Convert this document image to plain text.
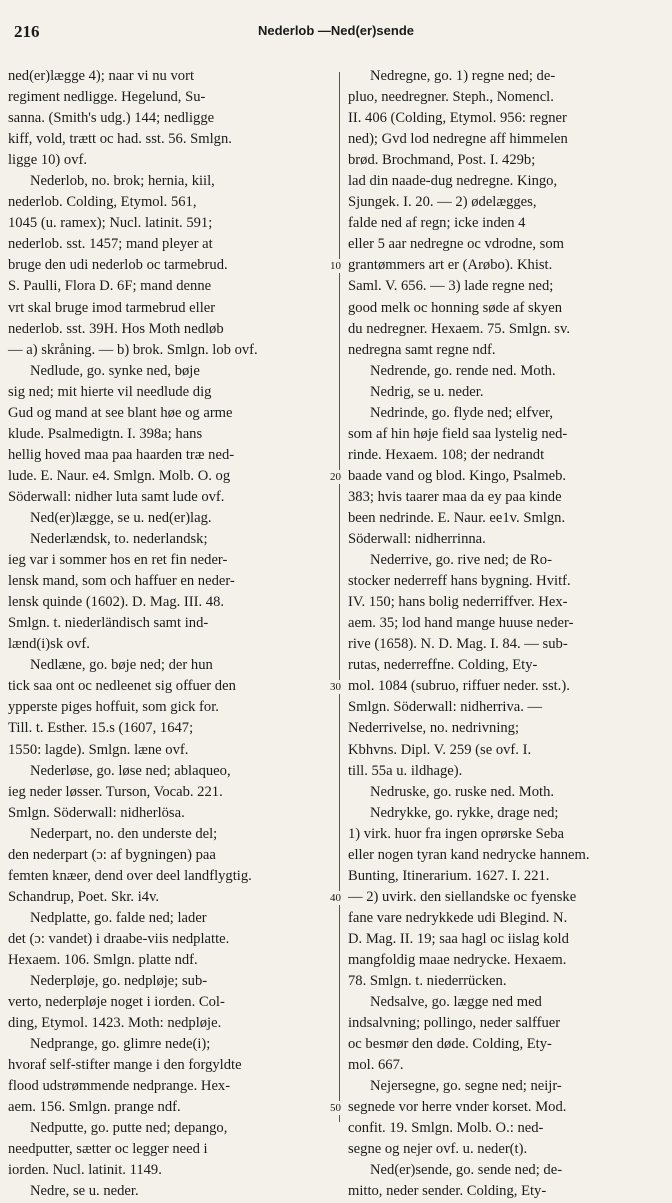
216	Nederlob —Ned(er)sende
10
20
30
40
50
ned(er)lægge 4); naar vi nu vort
regiment nedligge. Hegelund, Su-
sanna. (Smith's udg.) 144; nedligge
kiff, vold, trætt oc had. sst. 56. Smlgn.
ligge 10) ovf.
Nederlob, no. brok; hernia, kiil,
nederlob. Colding, Etymol. 561,
1045 (u. ramex); Nucl. latinit. 591;
nederlob. sst. 1457; mand pleyer at
bruge den udi nederlob oc tarmebrud.
S. Paulli, Flora D. 6F; mand denne
vrt skal bruge imod tarmebrud eller
nederlob. sst. 39H. Hos Moth nedløb
— a) skråning. — b) brok. Smlgn. lob ovf.
Nedlude, go. synke ned, bøje
sig ned; mit hierte vil needlude dig
Gud og mand at see blant høe og arme
klude. Psalmedigtn. I. 398a; hans
hellig hoved maa paa haarden træ ned-
lude. E. Naur. e4. Smlgn. Molb. O. og
Söderwall: nidher luta samt lude ovf.
Ned(er)lægge, se u. ned(er)lag.
Nederlændsk, to. nederlandsk;
ieg var i sommer hos en ret fin neder-
lensk mand, som och haffuer en neder-
lensk quinde (1602). D. Mag. III. 48.
Smlgn. t. niederländisch samt ind-
lænd(i)sk ovf.
Nedlæne, go. bøje ned; der hun
tick saa ont oc nedleenet sig offuer den
ypperste piges hoffuit, som gick for.
Till. t. Esther. 15.s (1607, 1647;
1550: lagde). Smlgn. læne ovf.
Nederløse, go. løse ned; ablaqueo,
ieg neder løsser. Turson, Vocab. 221.
Smlgn. Söderwall: nidherlösa.
Nederpart, no. den underste del;
den nederpart (ɔ: af bygningen) paa
femten knæer, dend over deel landflygtig.
Schandrup, Poet. Skr. i4v.
Nedplatte, go. falde ned; lader
det (ɔ: vandet) i draabe-viis nedplatte.
Hexaem. 106. Smlgn. platte ndf.
Nederpløje, go. nedpløje; sub-
verto, nederpløje noget i iorden. Col-
ding, Etymol. 1423. Moth: nedpløje.
Nedprange, go. glimre nede(i);
hvoraf self-stifter mange i den forgyldte
flood udstrømmende nedprange. Hex-
aem. 156. Smlgn. prange ndf.
Nedputte, go. putte ned; depango,
needputter, sætter oc legger need i
iorden. Nucl. latinit. 1149.
Nedre, se u. neder.
Nedregne, go. 1) regne ned; de-
pluo, needregner. Steph., Nomencl.
II. 406 (Colding, Etymol. 956: regner
ned); Gvd lod nedregne aff himmelen
brød. Brochmand, Post. I. 429b;
lad din naade-dug nedregne. Kingo,
Sjungek. I. 20. — 2) ødelægges,
falde ned af regn; icke inden 4
eller 5 aar nedregne oc vdrodne, som
grantømmers art er (Arøbo). Khist.
Saml. V. 656. — 3) lade regne ned;
good melk oc honning søde af skyen
du nedregner. Hexaem. 75. Smlgn. sv.
nedregna samt regne ndf.
Nedrende, go. rende ned. Moth.
Nedrig, se u. neder.
Nedrinde, go. flyde ned; elfver,
som af hin høje field saa lystelig ned-
rinde. Hexaem. 108; der nedrandt
baade vand og blod. Kingo, Psalmeb.
383; hvis taarer maa da ey paa kinde
been nedrinde. E. Naur. ee1v. Smlgn.
Söderwall: nidherrinna.
Nederrive, go. rive ned; de Ro-
stocker nederreff hans bygning. Hvitf.
IV. 150; hans bolig nederriffver. Hex-
aem. 35; lod hand mange huuse neder-
rive (1658). N. D. Mag. I. 84. — sub-
rutas, nederreffne. Colding, Ety-
mol. 1084 (subruo, riffuer neder. sst.).
Smlgn. Söderwall: nidherriva. —
Nederrivelse, no. nedrivning;
Kbhvns. Dipl. V. 259 (se ovf. I.
till. 55a u. ildhage).
Nedruske, go. ruske ned. Moth.
Nedrykke, go. rykke, drage ned;
1) virk. huor fra ingen oprørske Seba
eller nogen tyran kand nedrycke hannem.
Bunting, Itinerarium. 1627. I. 221.
— 2) uvirk. den siellandske oc fyenske
fane vare nedrykkede udi Blegind. N.
D. Mag. II. 19; saa hagl oc iislag kold
mangfoldig maae nedrycke. Hexaem.
78. Smlgn. t. niederrücken.
Nedsalve, go. lægge ned med
indsalvning; pollingo, neder salffuer
oc besmør den døde. Colding, Ety-
mol. 667.
Nejersegne, go. segne ned; neijr-
segnede vor herre vnder korset. Mod.
confit. 19. Smlgn. Molb. O.: ned-
segne og nejer ovf. u. neder(t).
Ned(er)sende, go. sende ned; de-
mitto, neder sender. Colding, Ety-
